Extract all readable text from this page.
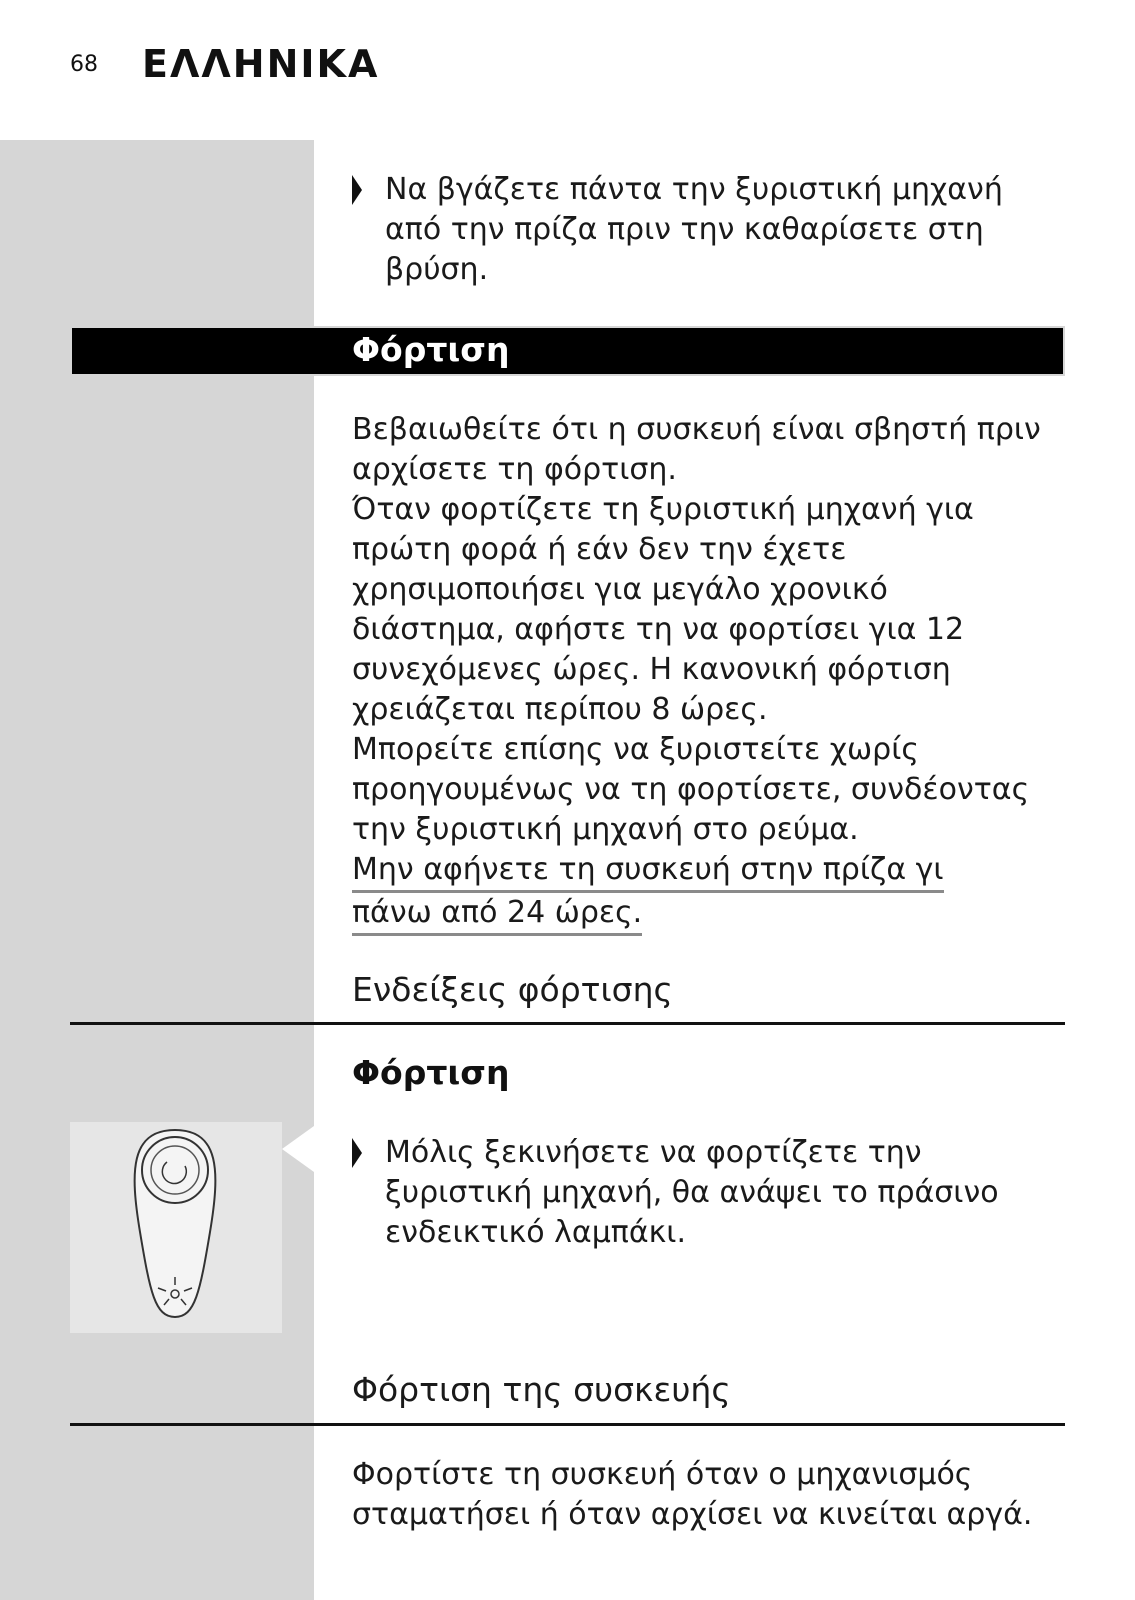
68 ΕΛΛΗΝΙΚΑ
Να βγάζετε πάντα την ξυριστική μηχανή
από την πρίζα πριν την καθαρίσετε στη
βρύση.
Φόρτιση
Βεβαιωθείτε ότι η συσκευή είναι σβηστή πριν
αρχίσετε τη φόρτιση.
Όταν φορτίζετε τη ξυριστική μηχανή για
πρώτη φορά ή εάν δεν την έχετε
χρησιμοποιήσει για μεγάλο χρονικό
διάστημα, αφήστε τη να φορτίσει για 12
συνεχόμενες ώρες. Η κανονική φόρτιση
χρειάζεται περίπου 8 ώρες.
Μπορείτε επίσης να ξυριστείτε χωρίς
προηγουμένως να τη φορτίσετε, συνδέοντας
την ξυριστική μηχανή στο ρεύμα.
Μην αφήνετε τη συσκευή στην πρίζα γι
πάνω από 24 ώρες.
Ενδείξεις φόρτισης
Φόρτιση
Μόλις ξεκινήσετε να φορτίζετε την
ξυριστική μηχανή, θα ανάψει το πράσινο
ενδεικτικό λαμπάκι.
Φόρτιση της συσκευής
Φορτίστε τη συσκευή όταν ο μηχανισμός
σταματήσει ή όταν αρχίσει να κινείται αργά.
